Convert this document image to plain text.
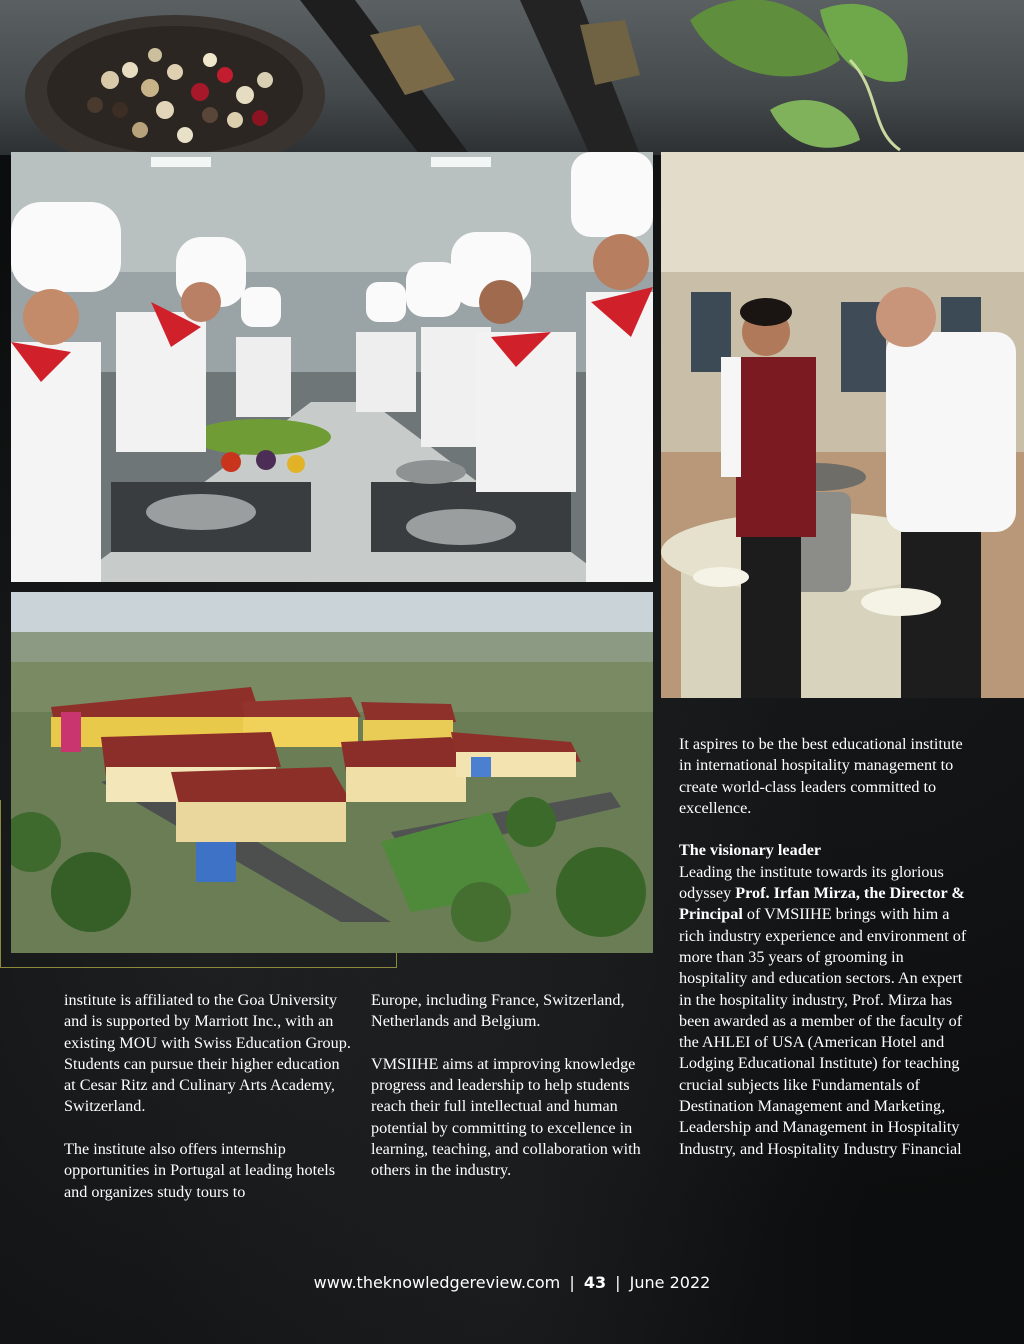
institute is affiliated to the Goa University and is supported by Marriott Inc., with an existing MOU with Swiss Education Group. Students can pursue their higher education at Cesar Ritz and Culinary Arts Academy, Switzerland.

The institute also offers internship opportunities in Portugal at leading hotels and organizes study tours to

Europe, including France, Switzerland, Netherlands and Belgium.

VMSIIHE aims at improving knowledge progress and leadership to help students reach their full intellectual and human potential by committing to excellence in learning, teaching, and collaboration with others in the industry.

It aspires to be the best educational institute in international hospitality management to create world-class leaders committed to excellence.

The visionary leader

Leading the institute towards its glorious odyssey Prof. Irfan Mirza, the Director & Principal of VMSIIHE brings with him a rich industry experience and environment of more than 35 years of grooming in hospitality and education sectors. An expert in the hospitality industry, Prof. Mirza has been awarded as a member of the faculty of the AHLEI of USA (American Hotel and Lodging Educational Institute) for teaching crucial subjects like Fundamentals of Destination Management and Marketing, Leadership and Management in Hospitality Industry, and Hospitality Industry Financial

www.theknowledgereview.com | 43 | June 2022
